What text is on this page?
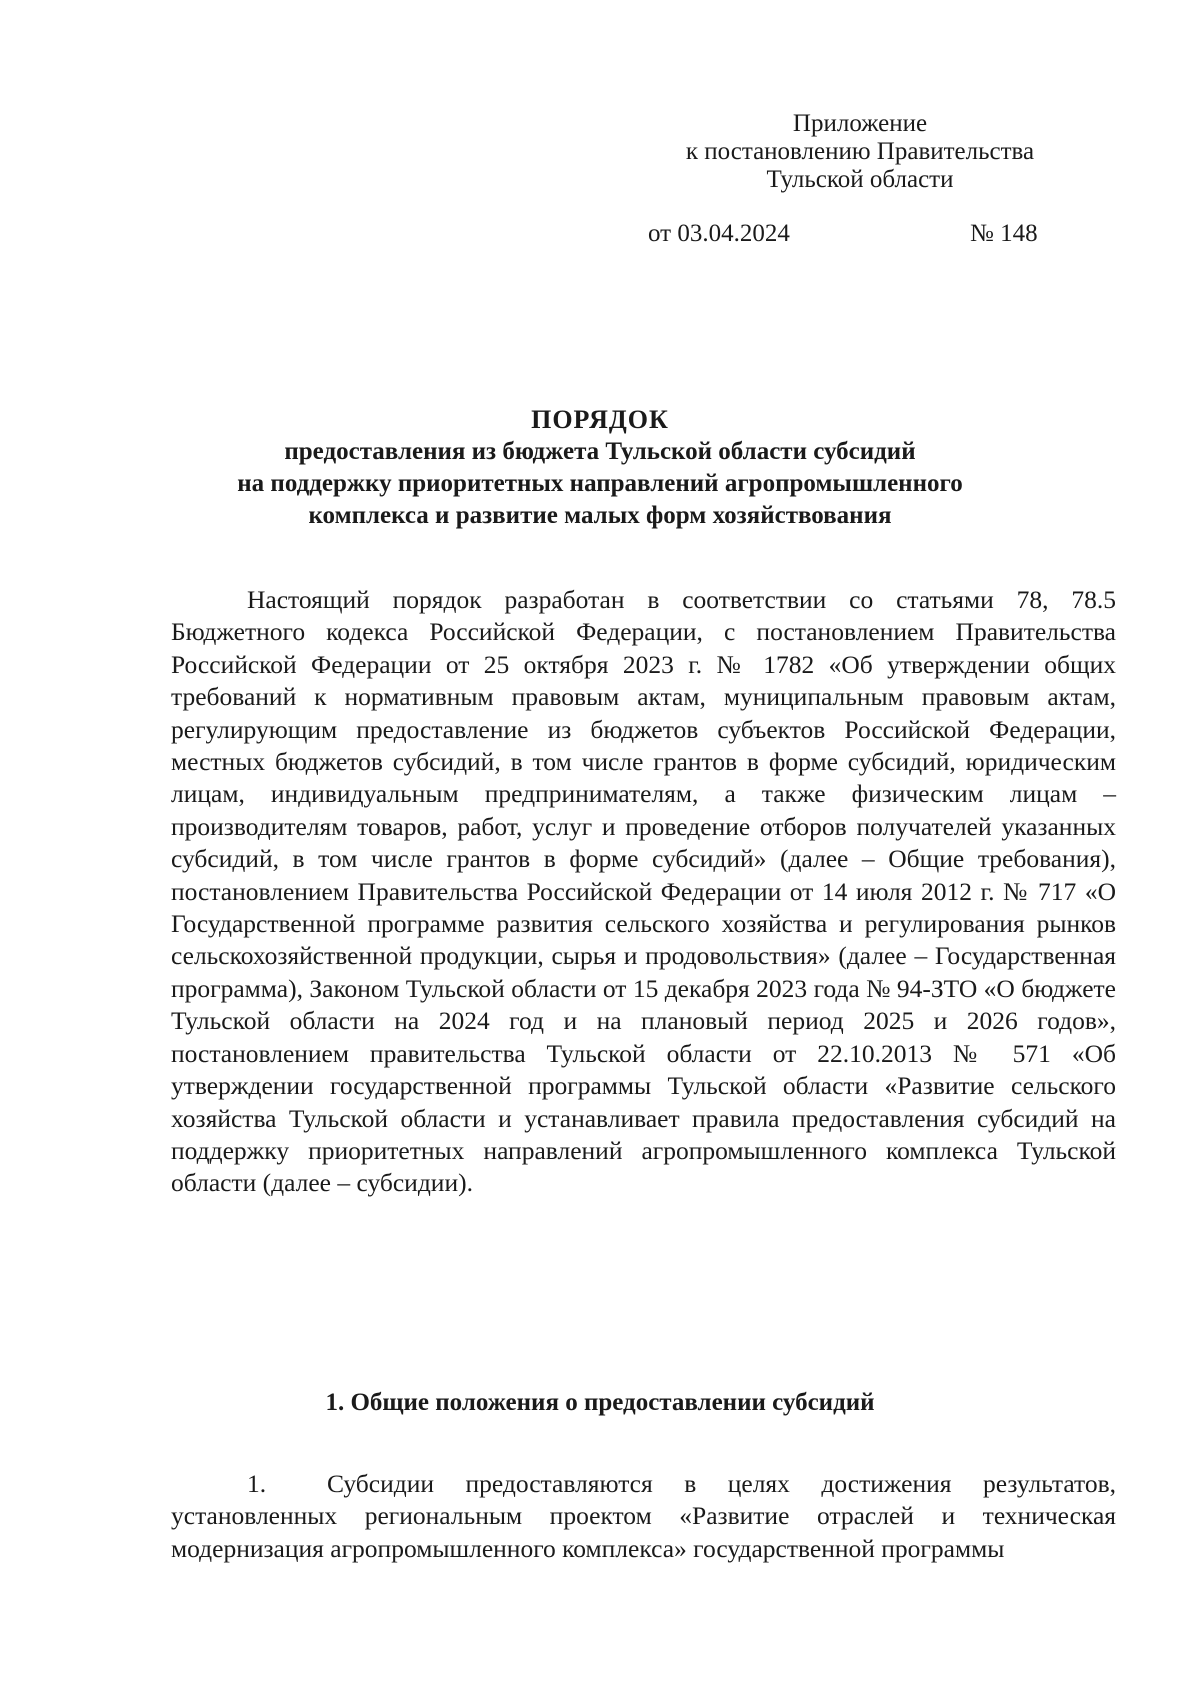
Приложение
к постановлению Правительства
Тульской области
от 03.04.2024	№ 148
ПОРЯДОК
предоставления из бюджета Тульской области субсидий
на поддержку приоритетных направлений агропромышленного
комплекса и развитие малых форм хозяйствования

Настоящий порядок разработан в соответствии со статьями 78, 78.5 Бюджетного кодекса Российской Федерации, с постановлением Правительства Российской Федерации от 25 октября 2023 г. № 1782 «Об утверждении общих требований к нормативным правовым актам, муниципальным правовым актам, регулирующим предоставление из бюджетов субъектов Российской Федерации, местных бюджетов субсидий, в том числе грантов в форме субсидий, юридическим лицам, индивидуальным предпринимателям, а также физическим лицам – производителям товаров, работ, услуг и проведение отборов получателей указанных субсидий, в том числе грантов в форме субсидий» (далее – Общие требования), постановлением Правительства Российской Федерации от 14 июля 2012 г. № 717 «О Государственной программе развития сельского хозяйства и регулирования рынков сельскохозяйственной продукции, сырья и продовольствия» (далее – Государственная программа), Законом Тульской области от 15 декабря 2023 года № 94-ЗТО «О бюджете Тульской области на 2024 год и на плановый период 2025 и 2026 годов», постановлением правительства Тульской области от 22.10.2013 № 571 «Об утверждении государственной программы Тульской области «Развитие сельского хозяйства Тульской области и устанавливает правила предоставления субсидий на поддержку приоритетных направлений агропромышленного комплекса Тульской области (далее – субсидии).

1. Общие положения о предоставлении субсидий

1. Субсидии предоставляются в целях достижения результатов, установленных региональным проектом «Развитие отраслей и техническая модернизация агропромышленного комплекса» государственной программы
